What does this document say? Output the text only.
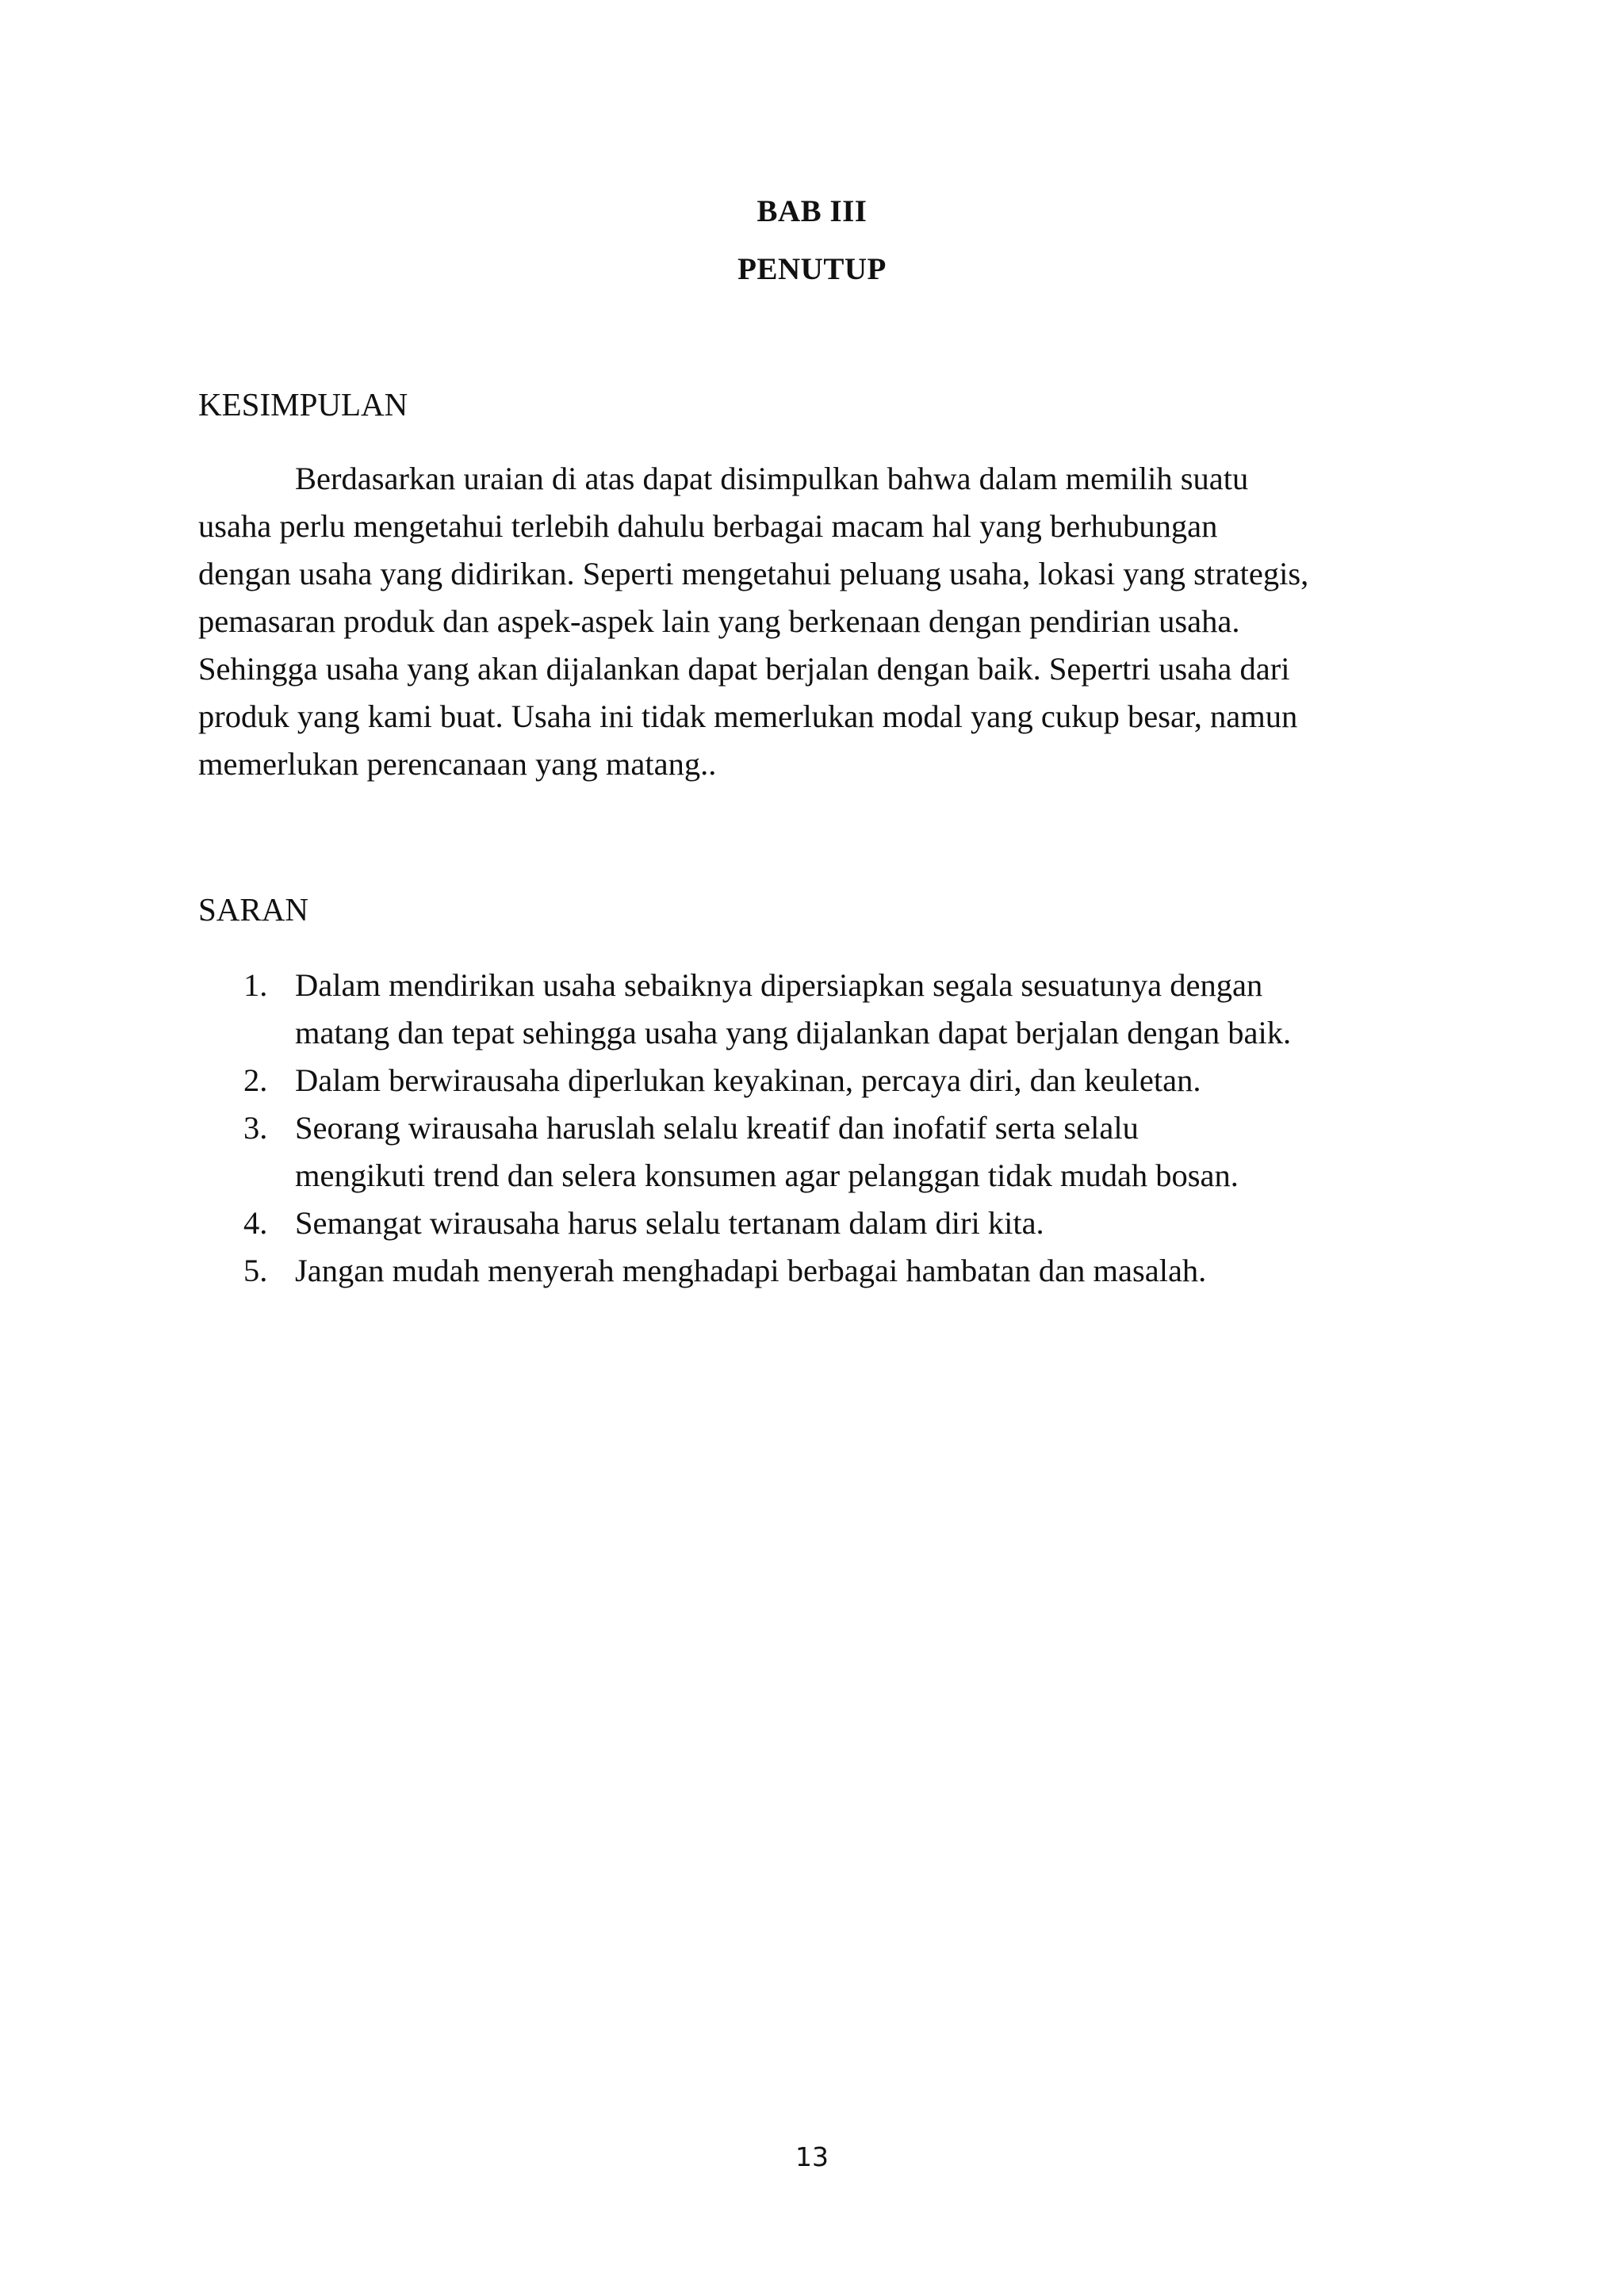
BAB III
PENUTUP
KESIMPULAN
Berdasarkan uraian di atas dapat disimpulkan bahwa dalam memilih suatu
usaha perlu mengetahui terlebih dahulu berbagai macam hal yang berhubungan
dengan usaha yang didirikan. Seperti mengetahui peluang usaha, lokasi yang strategis,
pemasaran produk dan aspek-aspek lain yang berkenaan dengan pendirian usaha.
Sehingga usaha yang akan dijalankan dapat berjalan dengan baik. Sepertri usaha dari
produk yang kami buat. Usaha ini tidak memerlukan modal yang cukup besar, namun
memerlukan perencanaan yang matang..
SARAN
1. Dalam mendirikan usaha sebaiknya dipersiapkan segala sesuatunya dengan
matang dan tepat sehingga usaha yang dijalankan dapat berjalan dengan baik.
2. Dalam berwirausaha diperlukan keyakinan, percaya diri, dan keuletan.
3. Seorang wirausaha haruslah selalu kreatif dan inofatif serta selalu
mengikuti trend dan selera konsumen agar pelanggan tidak mudah bosan.
4. Semangat wirausaha harus selalu tertanam dalam diri kita.
5. Jangan mudah menyerah menghadapi berbagai hambatan dan masalah.
13
